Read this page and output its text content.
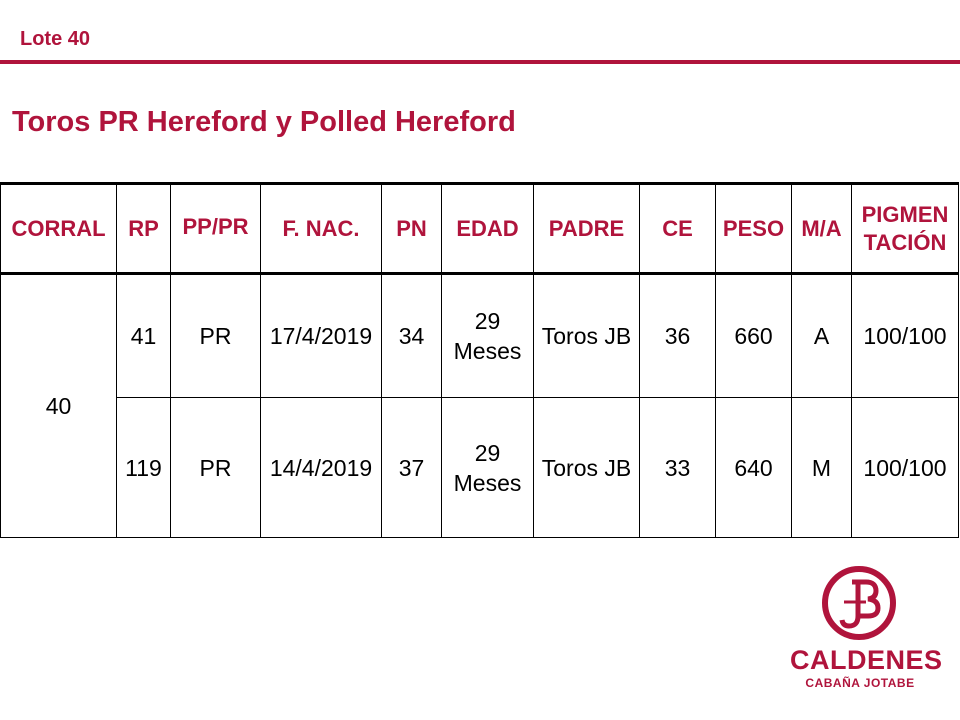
Lote 40
Toros PR Hereford y Polled Hereford
CORRAL	RP	PP/PR	F. NAC.	PN	EDAD	PADRE	CE	PESO	M/A	PIGMEN TACIÓN
40	41	PR	17/4/2019	34	29 Meses	Toros JB	36	660	A	100/100
	119	PR	14/4/2019	37	29 Meses	Toros JB	33	640	M	100/100
CALDENES
CABAÑA JOTABE
